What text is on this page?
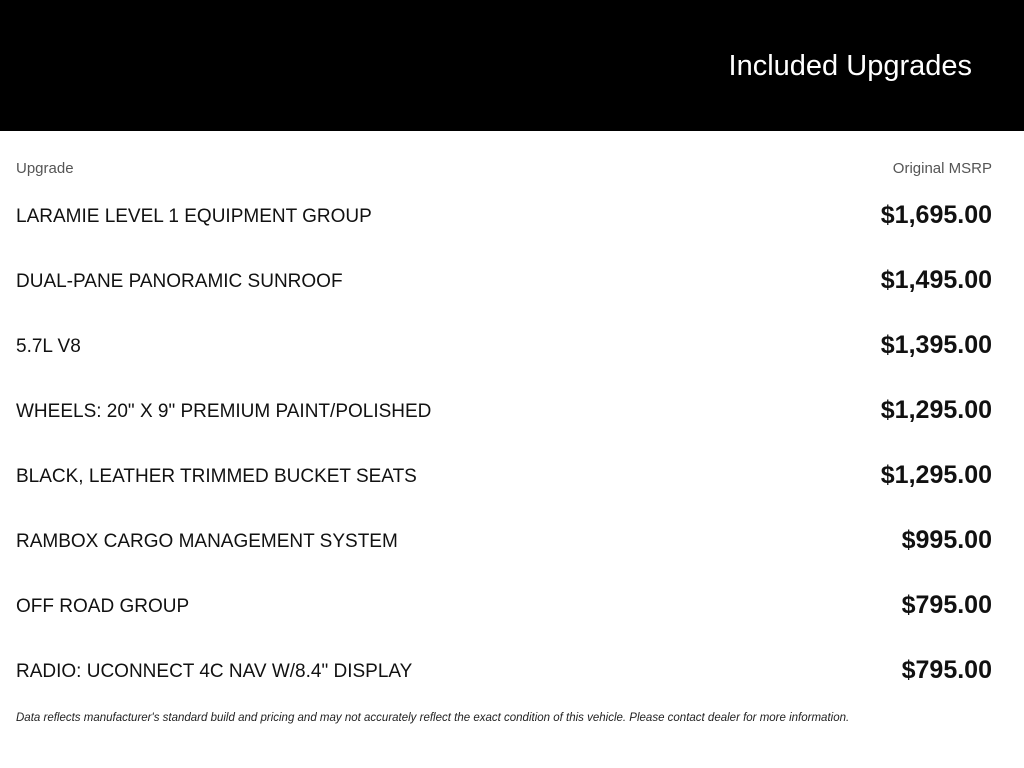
Included Upgrades
Upgrade	Original MSRP
LARAMIE LEVEL 1 EQUIPMENT GROUP	$1,695.00
DUAL-PANE PANORAMIC SUNROOF	$1,495.00
5.7L V8	$1,395.00
WHEELS: 20" X 9" PREMIUM PAINT/POLISHED	$1,295.00
BLACK, LEATHER TRIMMED BUCKET SEATS	$1,295.00
RAMBOX CARGO MANAGEMENT SYSTEM	$995.00
OFF ROAD GROUP	$795.00
RADIO: UCONNECT 4C NAV W/8.4" DISPLAY	$795.00
Data reflects manufacturer's standard build and pricing and may not accurately reflect the exact condition of this vehicle. Please contact dealer for more information.
